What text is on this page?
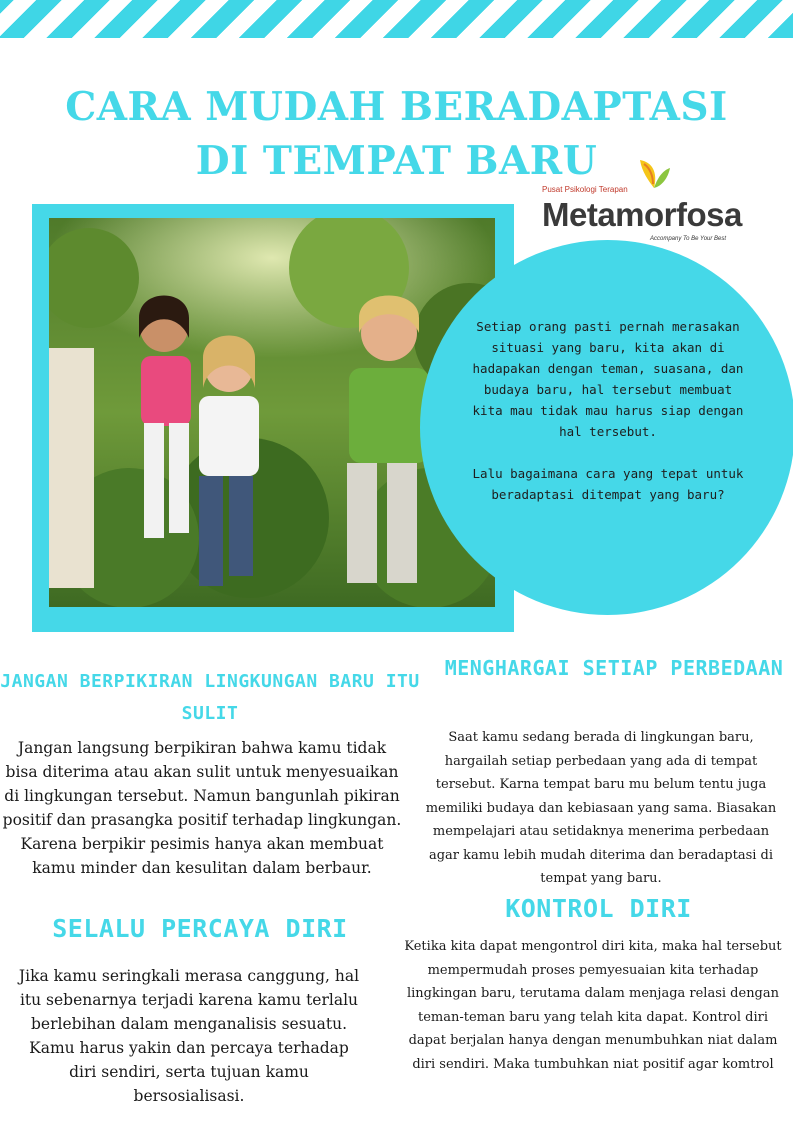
CARA MUDAH BERADAPTASI
DI TEMPAT BARU
Pusat Psikologi Terapan
Metamorfosa
Accompany To Be Your Best

Setiap orang pasti pernah merasakan situasi yang baru, kita akan di hadapakan dengan teman, suasana, dan budaya baru, hal tersebut membuat kita mau tidak mau harus siap dengan hal tersebut.

Lalu bagaimana cara yang tepat untuk beradaptasi ditempat yang baru?

JANGAN BERPIKIRAN LINGKUNGAN BARU ITU SULIT

Jangan langsung berpikiran bahwa kamu tidak bisa diterima atau akan sulit untuk menyesuaikan di lingkungan tersebut. Namun bangunlah pikiran positif dan prasangka positif terhadap lingkungan. Karena berpikir pesimis hanya akan membuat kamu minder dan kesulitan dalam berbaur.

MENGHARGAI SETIAP PERBEDAAN

Saat kamu sedang berada di lingkungan baru, hargailah setiap perbedaan yang ada di tempat tersebut. Karna tempat baru mu belum tentu juga memiliki budaya dan kebiasaan yang sama. Biasakan mempelajari atau setidaknya menerima perbedaan agar kamu lebih mudah diterima dan beradaptasi di tempat yang baru.

SELALU PERCAYA DIRI

Jika kamu seringkali merasa canggung, hal itu sebenarnya terjadi karena kamu terlalu berlebihan dalam menganalisis sesuatu. Kamu harus yakin dan percaya terhadap diri sendiri, serta tujuan kamu bersosialisasi.

KONTROL DIRI

Ketika kita dapat mengontrol diri kita, maka hal tersebut mempermudah proses pemyesuaian kita terhadap lingkingan baru, terutama dalam menjaga relasi dengan teman-teman baru yang telah kita dapat. Kontrol diri dapat berjalan hanya dengan menumbuhkan niat dalam diri sendiri. Maka tumbuhkan niat positif agar komtrol
